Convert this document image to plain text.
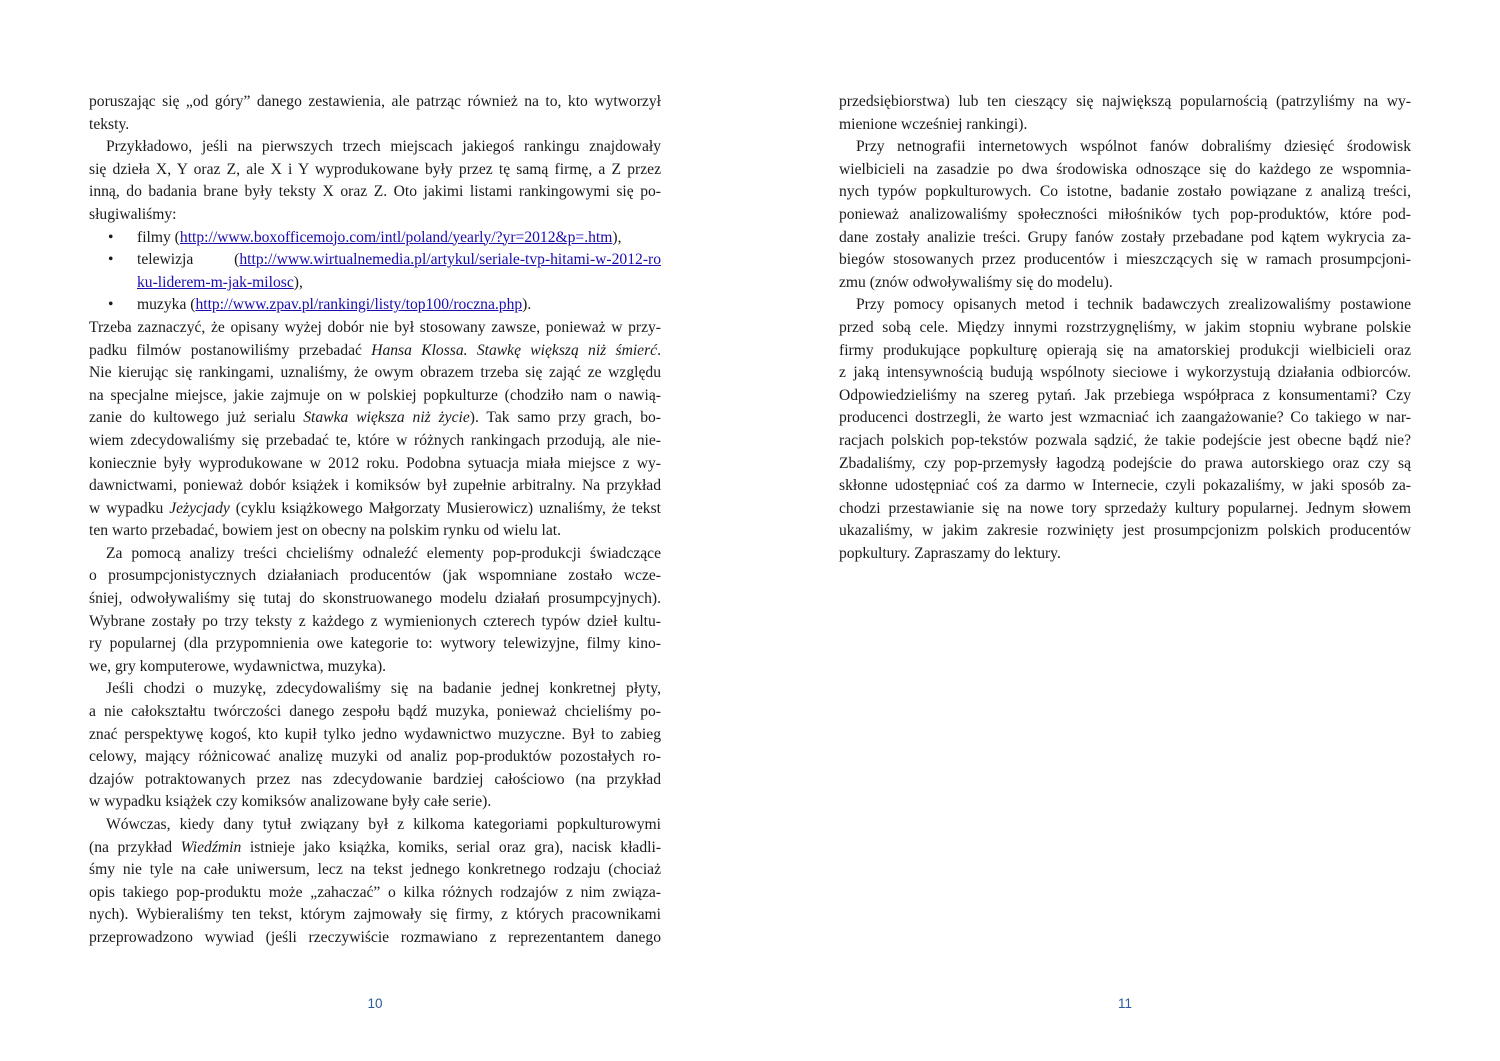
poruszając się „od góry” danego zestawienia, ale patrząc również na to, kto wytworzył
teksty.
Przykładowo, jeśli na pierwszych trzech miejscach jakiegoś rankingu znajdowały
się dzieła X, Y oraz Z, ale X i Y wyprodukowane były przez tę samą firmę, a Z przez
inną, do badania brane były teksty X oraz Z. Oto jakimi listami rankingowymi się po-
sługiwaliśmy:
• filmy (http://www.boxofficemojo.com/intl/poland/yearly/?yr=2012&p=.htm),
• telewizja (http://www.wirtualnemedia.pl/artykul/seriale-tvp-hitami-w-2012-ro
ku-liderem-m-jak-milosc),
• muzyka (http://www.zpav.pl/rankingi/listy/top100/roczna.php).
Trzeba zaznaczyć, że opisany wyżej dobór nie był stosowany zawsze, ponieważ w przy-
padku filmów postanowiliśmy przebadać Hansa Klossa. Stawkę większą niż śmierć.
Nie kierując się rankingami, uznaliśmy, że owym obrazem trzeba się zająć ze względu
na specjalne miejsce, jakie zajmuje on w polskiej popkulturze (chodziło nam o nawią-
zanie do kultowego już serialu Stawka większa niż życie). Tak samo przy grach, bo-
wiem zdecydowaliśmy się przebadać te, które w różnych rankingach przodują, ale nie-
koniecznie były wyprodukowane w 2012 roku. Podobna sytuacja miała miejsce z wy-
dawnictwami, ponieważ dobór książek i komiksów był zupełnie arbitralny. Na przykład
w wypadku Jeżycjady (cyklu książkowego Małgorzaty Musierowicz) uznaliśmy, że tekst
ten warto przebadać, bowiem jest on obecny na polskim rynku od wielu lat.
Za pomocą analizy treści chcieliśmy odnaleźć elementy pop-produkcji świadczące
o prosumpcjonistycznych działaniach producentów (jak wspomniane zostało wcze-
śniej, odwoływaliśmy się tutaj do skonstruowanego modelu działań prosumpcyjnych).
Wybrane zostały po trzy teksty z każdego z wymienionych czterech typów dzieł kultu-
ry popularnej (dla przypomnienia owe kategorie to: wytwory telewizyjne, filmy kino-
we, gry komputerowe, wydawnictwa, muzyka).
Jeśli chodzi o muzykę, zdecydowaliśmy się na badanie jednej konkretnej płyty,
a nie całokształtu twórczości danego zespołu bądź muzyka, ponieważ chcieliśmy po-
znać perspektywę kogoś, kto kupił tylko jedno wydawnictwo muzyczne. Był to zabieg
celowy, mający różnicować analizę muzyki od analiz pop-produktów pozostałych ro-
dzajów potraktowanych przez nas zdecydowanie bardziej całościowo (na przykład
w wypadku książek czy komiksów analizowane były całe serie).
Wówczas, kiedy dany tytuł związany był z kilkoma kategoriami popkulturowymi
(na przykład Wiedźmin istnieje jako książka, komiks, serial oraz gra), nacisk kładli-
śmy nie tyle na całe uniwersum, lecz na tekst jednego konkretnego rodzaju (chociaż
opis takiego pop-produktu może „zahaczać” o kilka różnych rodzajów z nim związa-
nych). Wybieraliśmy ten tekst, którym zajmowały się firmy, z których pracownikami
przeprowadzono wywiad (jeśli rzeczywiście rozmawiano z reprezentantem danego
10
przedsiębiorstwa) lub ten cieszący się największą popularnością (patrzyliśmy na wy-
mienione wcześniej rankingi).
Przy netnografii internetowych wspólnot fanów dobraliśmy dziesięć środowisk
wielbicieli na zasadzie po dwa środowiska odnoszące się do każdego ze wspomnia-
nych typów popkulturowych. Co istotne, badanie zostało powiązane z analizą treści,
ponieważ analizowaliśmy społeczności miłośników tych pop-produktów, które pod-
dane zostały analizie treści. Grupy fanów zostały przebadane pod kątem wykrycia za-
biegów stosowanych przez producentów i mieszczących się w ramach prosumpcjoni-
zmu (znów odwoływaliśmy się do modelu).
Przy pomocy opisanych metod i technik badawczych zrealizowaliśmy postawione
przed sobą cele. Między innymi rozstrzygnęliśmy, w jakim stopniu wybrane polskie
firmy produkujące popkulturę opierają się na amatorskiej produkcji wielbicieli oraz
z jaką intensywnością budują wspólnoty sieciowe i wykorzystują działania odbiorców.
Odpowiedzieliśmy na szereg pytań. Jak przebiega współpraca z konsumentami? Czy
producenci dostrzegli, że warto jest wzmacniać ich zaangażowanie? Co takiego w nar-
racjach polskich pop-tekstów pozwala sądzić, że takie podejście jest obecne bądź nie?
Zbadaliśmy, czy pop-przemysły łagodzą podejście do prawa autorskiego oraz czy są
skłonne udostępniać coś za darmo w Internecie, czyli pokazaliśmy, w jaki sposób za-
chodzi przestawianie się na nowe tory sprzedaży kultury popularnej. Jednym słowem
ukazaliśmy, w jakim zakresie rozwinięty jest prosumpcjonizm polskich producentów
popkultury. Zapraszamy do lektury.
11
